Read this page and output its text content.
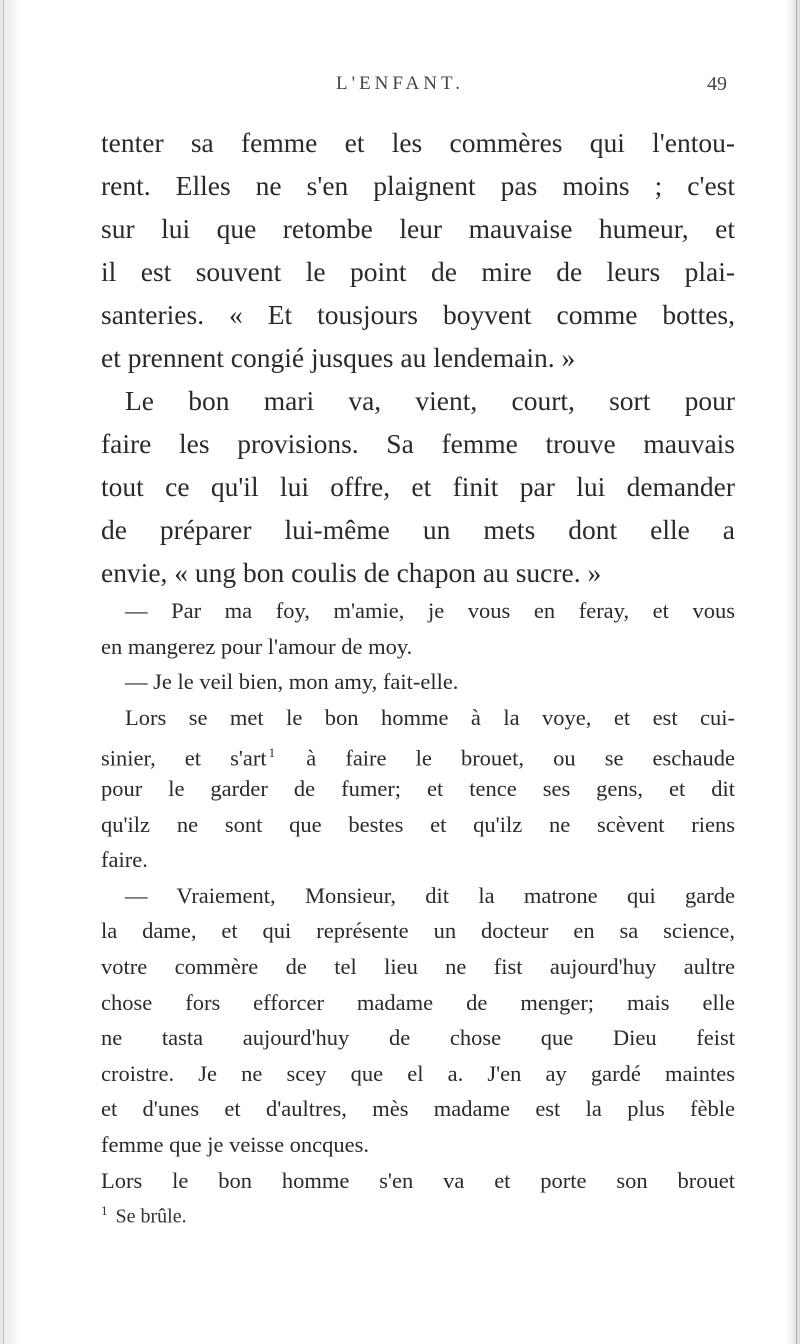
L'ENFANT.	49

tenter sa femme et les commères qui l'entou-

rent. Elles ne s'en plaignent pas moins ; c'est

sur lui que retombe leur mauvaise humeur, et

il est souvent le point de mire de leurs plai-

santeries. « Et tousjours boyvent comme bottes,

et prennent congié jusques au lendemain. »

Le bon mari va, vient, court, sort pour

faire les provisions. Sa femme trouve mauvais

tout ce qu'il lui offre, et finit par lui demander

de préparer lui-même un mets dont elle a

envie, « ung bon coulis de chapon au sucre. »

— Par ma foy, m'amie, je vous en feray, et vous

en mangerez pour l'amour de moy.

— Je le veil bien, mon amy, fait-elle.

Lors se met le bon homme à la voye, et est cui-

sinier, et s'art $^1$ à faire le brouet, ou se eschaude

pour le garder de fumer; et tence ses gens, et dit

qu'ilz ne sont que bestes et qu'ilz ne scèvent riens

faire.

— Vraiement, Monsieur, dit la matrone qui garde

la dame, et qui représente un docteur en sa science,

votre commère de tel lieu ne fist aujourd'huy aultre

chose fors efforcer madame de menger; mais elle

ne tasta aujourd'huy de chose que Dieu feist

croistre. Je ne scey que el a. J'en ay gardé maintes

et d'unes et d'aultres, mès madame est la plus fèble

femme que je veisse oncques.

Lors le bon homme s'en va et porte son brouet

$^1$ Se brûle.
